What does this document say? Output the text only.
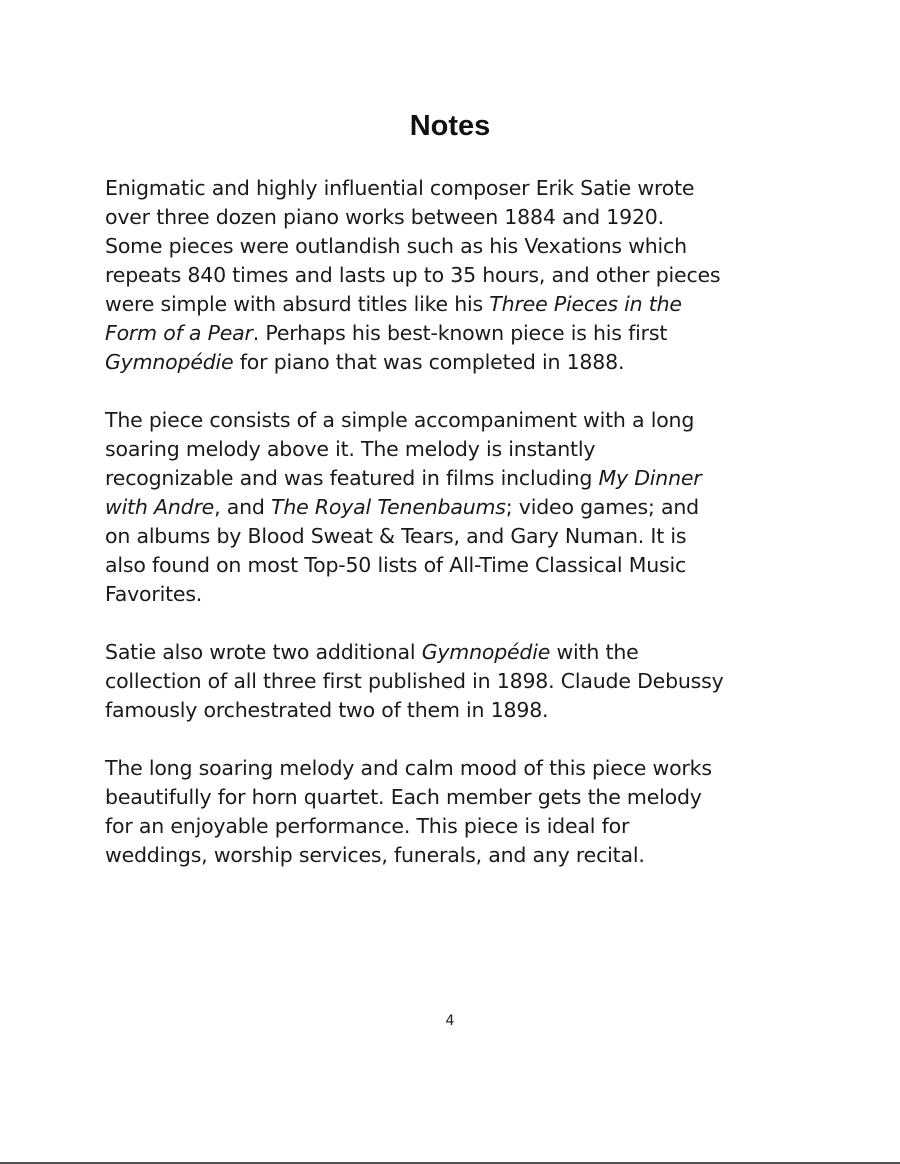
Notes

Enigmatic and highly influential composer Erik Satie wrote
over three dozen piano works between 1884 and 1920.
Some pieces were outlandish such as his Vexations which
repeats 840 times and lasts up to 35 hours, and other pieces
were simple with absurd titles like his Three Pieces in the
Form of a Pear. Perhaps his best-known piece is his first
Gymnopédie for piano that was completed in 1888.

The piece consists of a simple accompaniment with a long
soaring melody above it. The melody is instantly
recognizable and was featured in films including My Dinner
with Andre, and The Royal Tenenbaums; video games; and
on albums by Blood Sweat & Tears, and Gary Numan. It is
also found on most Top-50 lists of All-Time Classical Music
Favorites.

Satie also wrote two additional Gymnopédie with the
collection of all three first published in 1898. Claude Debussy
famously orchestrated two of them in 1898.

The long soaring melody and calm mood of this piece works
beautifully for horn quartet. Each member gets the melody
for an enjoyable performance. This piece is ideal for
weddings, worship services, funerals, and any recital.

4
